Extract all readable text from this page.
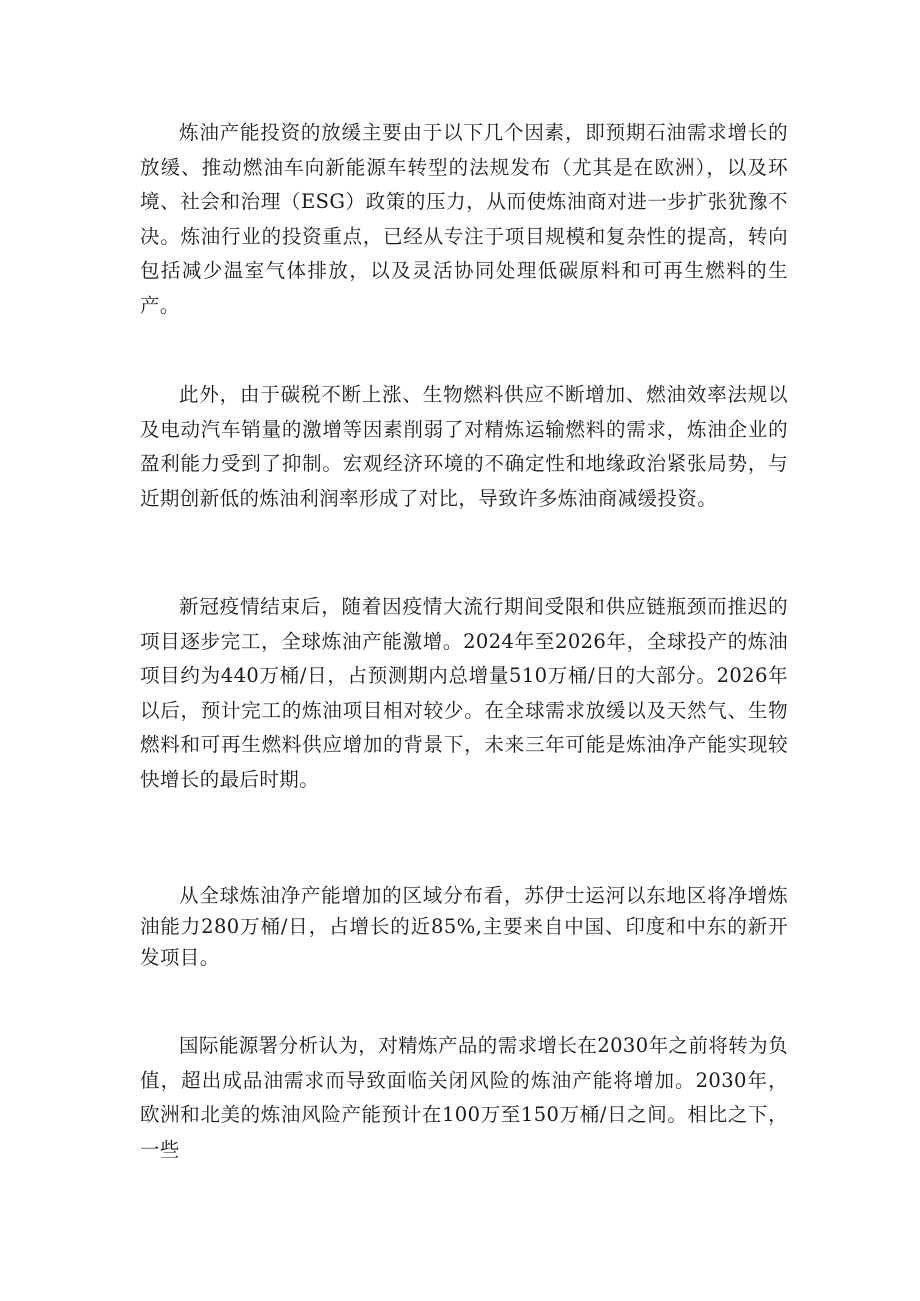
炼油产能投资的放缓主要由于以下几个因素，即预期石油需求增长的放缓、推动燃油车向新能源车转型的法规发布（尤其是在欧洲），以及环境、社会和治理（ESG）政策的压力，从而使炼油商对进一步扩张犹豫不决。炼油行业的投资重点，已经从专注于项目规模和复杂性的提高，转向包括减少温室气体排放，以及灵活协同处理低碳原料和可再生燃料的生产。

此外，由于碳税不断上涨、生物燃料供应不断增加、燃油效率法规以及电动汽车销量的激增等因素削弱了对精炼运输燃料的需求，炼油企业的盈利能力受到了抑制。宏观经济环境的不确定性和地缘政治紧张局势，与近期创新低的炼油利润率形成了对比，导致许多炼油商减缓投资。

新冠疫情结束后，随着因疫情大流行期间受限和供应链瓶颈而推迟的项目逐步完工，全球炼油产能激增。2024年至2026年，全球投产的炼油项目约为440万桶/日，占预测期内总增量510万桶/日的大部分。2026年以后，预计完工的炼油项目相对较少。在全球需求放缓以及天然气、生物燃料和可再生燃料供应增加的背景下，未来三年可能是炼油净产能实现较快增长的最后时期。

从全球炼油净产能增加的区域分布看，苏伊士运河以东地区将净增炼油能力280万桶/日，占增长的近85%,主要来自中国、印度和中东的新开发项目。

国际能源署分析认为，对精炼产品的需求增长在2030年之前将转为负值，超出成品油需求而导致面临关闭风险的炼油产能将增加。2030年，欧洲和北美的炼油风险产能预计在100万至150万桶/日之间。相比之下，一些
